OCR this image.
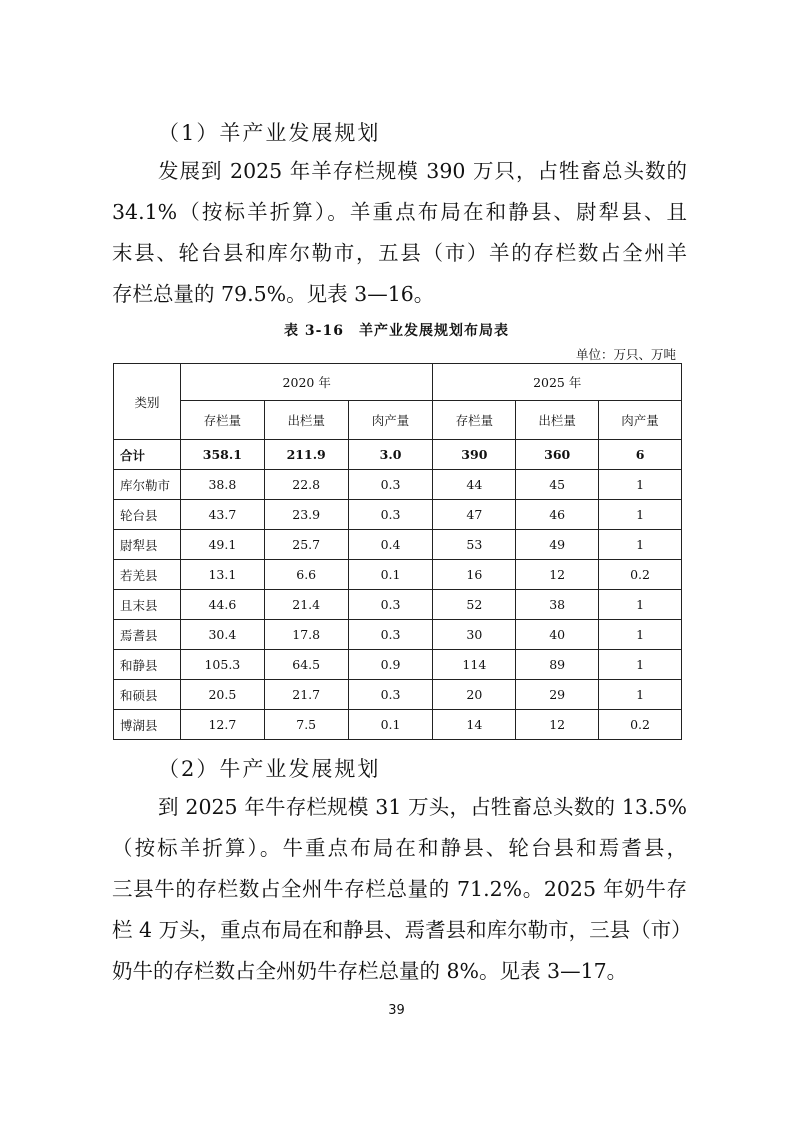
（1）羊产业发展规划
发展到 2025 年羊存栏规模 390 万只，占牲畜总头数的
34.1%（按标羊折算）。羊重点布局在和静县、尉犁县、且
末县、轮台县和库尔勒市，五县（市）羊的存栏数占全州羊
存栏总量的 79.5%。见表 3—16。
表 3-16　羊产业发展规划布局表
单位：万只、万吨
类别	2020 年			2025 年		
	存栏量	出栏量	肉产量	存栏量	出栏量	肉产量
合计	358.1	211.9	3.0	390	360	6
库尔勒市	38.8	22.8	0.3	44	45	1
轮台县	43.7	23.9	0.3	47	46	1
尉犁县	49.1	25.7	0.4	53	49	1
若羌县	13.1	6.6	0.1	16	12	0.2
且末县	44.6	21.4	0.3	52	38	1
焉耆县	30.4	17.8	0.3	30	40	1
和静县	105.3	64.5	0.9	114	89	1
和硕县	20.5	21.7	0.3	20	29	1
博湖县	12.7	7.5	0.1	14	12	0.2
（2）牛产业发展规划
到 2025 年牛存栏规模 31 万头，占牲畜总头数的 13.5%
（按标羊折算）。牛重点布局在和静县、轮台县和焉耆县，
三县牛的存栏数占全州牛存栏总量的 71.2%。2025 年奶牛存
栏 4 万头，重点布局在和静县、焉耆县和库尔勒市，三县（市）
奶牛的存栏数占全州奶牛存栏总量的 8%。见表 3—17。
39
